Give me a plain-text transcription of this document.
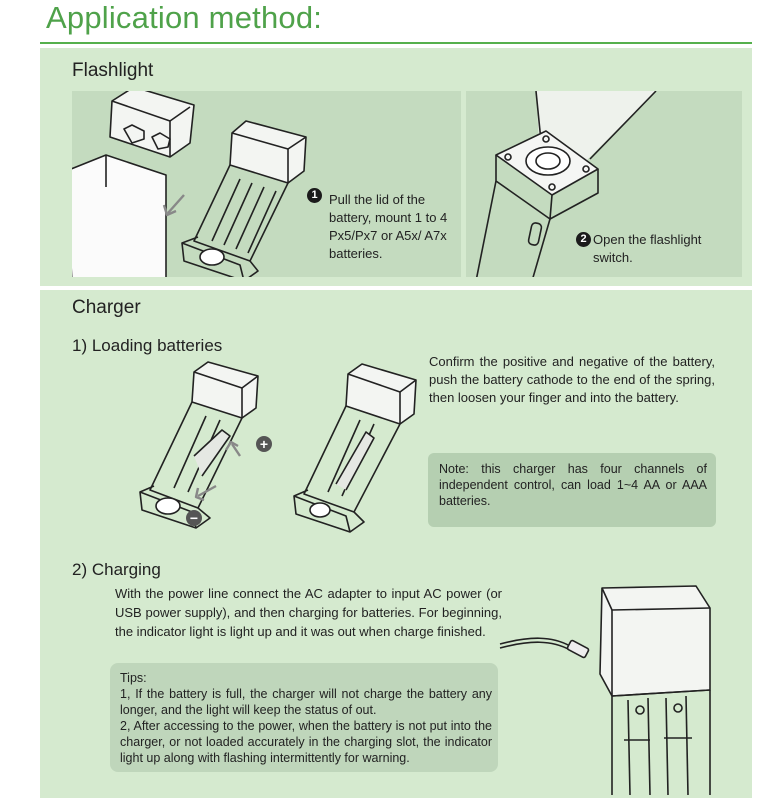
Application method:
Flashlight
1 Pull the lid of the battery, mount 1 to 4 Px5/Px7 or A5x/ A7x batteries.
2 Open the flashlight switch.
Charger
1) Loading batteries
+
−
Confirm the positive and negative of the battery, push the battery cathode to the end of the spring, then loosen your finger and into the battery.
Note: this charger has four channels of independent control, can load 1~4 AA or AAA batteries.
2) Charging
With the power line connect the AC adapter to input AC power (or USB power supply), and then charging for batteries. For beginning, the indicator light is light up and it was out when charge finished.
Tips:
1, If the battery is full, the charger will not charge the battery any longer, and the light will keep the status of out.
2, After accessing to the power, when the battery is not put into the charger, or not loaded accurately in the charging slot, the indicator light up along with flashing intermittently for warning.
